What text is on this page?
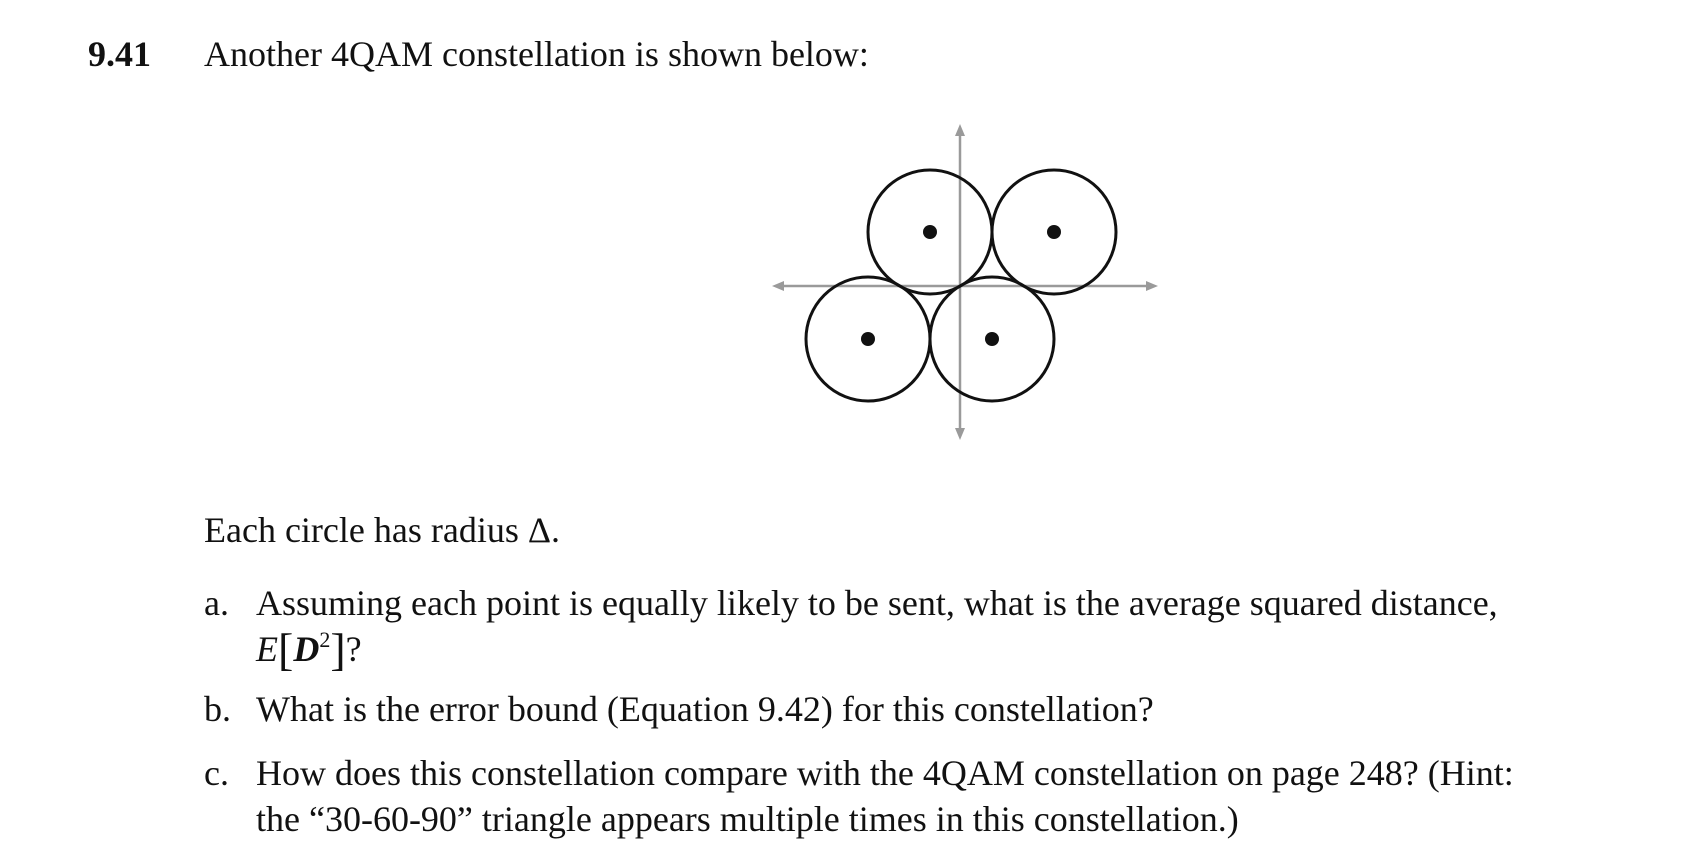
9.41 Another 4QAM constellation is shown below:
Each circle has radius Δ.
a. Assuming each point is equally likely to be sent, what is the average squared distance,
$E[D^2]$?
b. What is the error bound (Equation 9.42) for this constellation?
c. How does this constellation compare with the 4QAM constellation on page 248? (Hint:
the “30-60-90” triangle appears multiple times in this constellation.)
